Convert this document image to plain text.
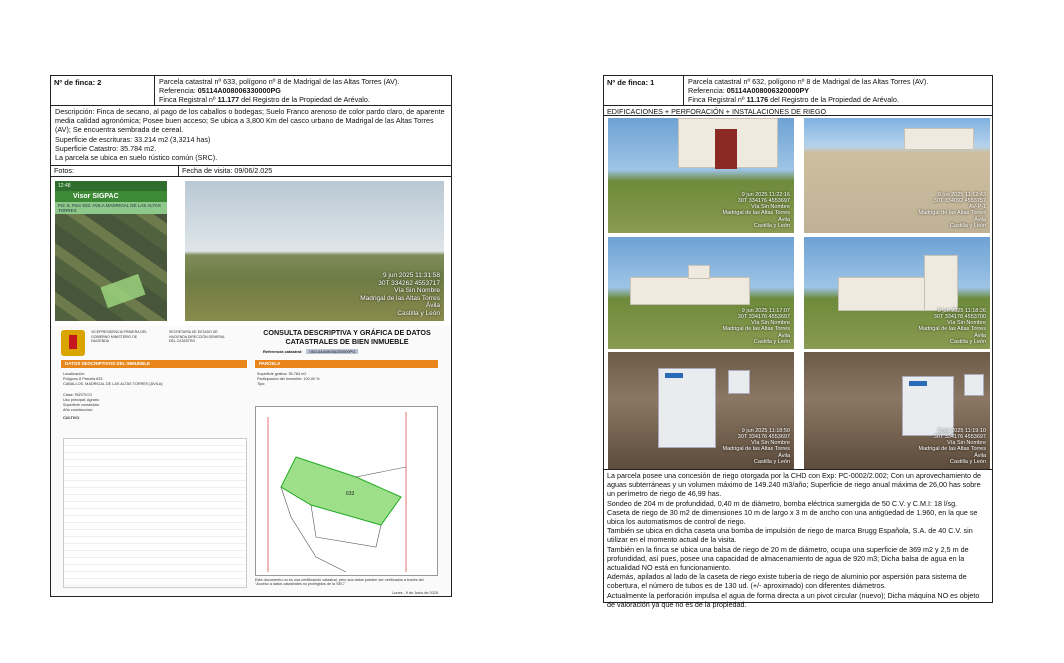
Nº de finca: 2	Parcela catastral nº 633, polígono nº 8 de Madrigal de las Altas Torres (AV).
Referencia: 05114A008006330000PG
Finca Registral nº 11.177 del Registro de la Propiedad de Arévalo.
Descripción: Finca de secano, al pago de los caballos o bodegas; Suelo Franco arenoso de color pardo claro, de aparente media calidad agronómica; Posee buen acceso; Se ubica a 3,800 Km del casco urbano de Madrigal de las Altas Torres (AV); Se encuentra sembrada de cereal.
Superficie de escrituras: 33.214 m2 (3,3214 has)
Superficie Catastro: 35.784 m2.
La parcela se ubica en suelo rústico común (SRC).
Fotos:	Fecha de visita: 09/06/2.025
12:48
Visor SIGPAC
Pol. 8, Parc 633. AVILA MADRIGAL DE LAS ALTAS TORRES
9 jun 2025 11:31:58
30T 334262 4553717
Vía Sin Nombre
Madrigal de las Altas Torres
Ávila
Castilla y León
VICEPRESIDENCIA PRIMERA DEL GOBIERNO MINISTERIO DE HACIENDA
SECRETARÍA DE ESTADO DE HACIENDA DIRECCIÓN GENERAL DEL CATASTRO
CONSULTA DESCRIPTIVA Y GRÁFICA DE DATOS CATASTRALES DE BIEN INMUEBLE
Referencia catastral: 05114A008006330000PG
DATOS DESCRIPTIVOS DEL INMUEBLE	PARCELA
Localización:
Polígono 8 Parcela 633
CABALLOS. MADRIGAL DE LAS ALTAS TORRES [ÁVILA]
Clase: RÚSTICO
Uso principal: Agrario
Superficie construida:
Año construcción:
CULTIVO
Superficie gráfica: 35.784 m2
Participación del inmueble: 100,00 %
Tipo:
633
Este documento no es una certificación catastral, pero sus datos pueden ser verificados a través del "Acceso a datos catastrales no protegidos de la SEC"
Lunes , 9 de Junio de 2025
Nº de finca: 1	Parcela catastral nº 632, polígono nº 8 de Madrigal de las Altas Torres (AV).
Referencia: 05114A008006320000PY
Finca Registral nº 11.176 del Registro de la Propiedad de Arévalo.
EDIFICACIONES + PERFORACIÓN + INSTALACIONES DE RIEGO
9 jun 2025 11:22:16
30T 334176 4553697
Vía Sin Nombre
Madrigal de las Altas Torres
Ávila
Castilla y León
9 jun 2025 11:12:43
30T 334092 4553757
AV-P-1
Madrigal de las Altas Torres
Ávila
Castilla y León
9 jun 2025 11:17:07
30T 334176 4553697
Vía Sin Nombre
Madrigal de las Altas Torres
Ávila
Castilla y León
9 jun 2025 11:18:26
30T 334178 4553700
Vía Sin Nombre
Madrigal de las Altas Torres
Ávila
Castilla y León
9 jun 2025 11:18:50
30T 334176 4553697
Vía Sin Nombre
Madrigal de las Altas Torres
Ávila
Castilla y León
9 jun 2025 11:19:10
30T 334176 4553697
Vía Sin Nombre
Madrigal de las Altas Torres
Ávila
Castilla y León
La parcela posee una concesión de riego otorgada por la CHD con Exp: PC-0002/2.002; Con un aprovechamiento de aguas subterráneas y un volumen máximo de 149.240 m3/año; Superficie de riego anual máxima de 26,00 has sobre un perímetro de riego de 46,99 has.
Sondeo de 204 m de profundidad, 0,40 m de diámetro, bomba eléctrica sumergida de 50 C.V. y C.M.I: 18 l/sg.
Caseta de riego de 30 m2 de dimensiones 10 m de largo x 3 m de ancho con una antigüedad de 1.960, en la que se ubica los automatismos de control de riego.
También se ubica en dicha caseta una bomba de impulsión de riego de marca Brugg Española, S.A. de 40 C.V. sin utilizar en el momento actual de la visita.
También en la finca se ubica una balsa de riego de 20 m de diámetro, ocupa una superficie de 369 m2 y 2,5 m de profundidad, así pues, posee una capacidad de almacenamiento de agua de 920 m3; Dicha balsa de agua en la actualidad NO está en funcionamiento.
Además, apilados al lado de la caseta de riego existe tubería de riego de aluminio por aspersión para sistema de cobertura, el número de tubos es de 130 ud. (+/- aproximado) con diferentes diámetros.
Actualmente la perforación impulsa el agua de forma directa a un pivot circular (nuevo); Dicha máquina NO es objeto de valoración ya que no es de la propiedad.
